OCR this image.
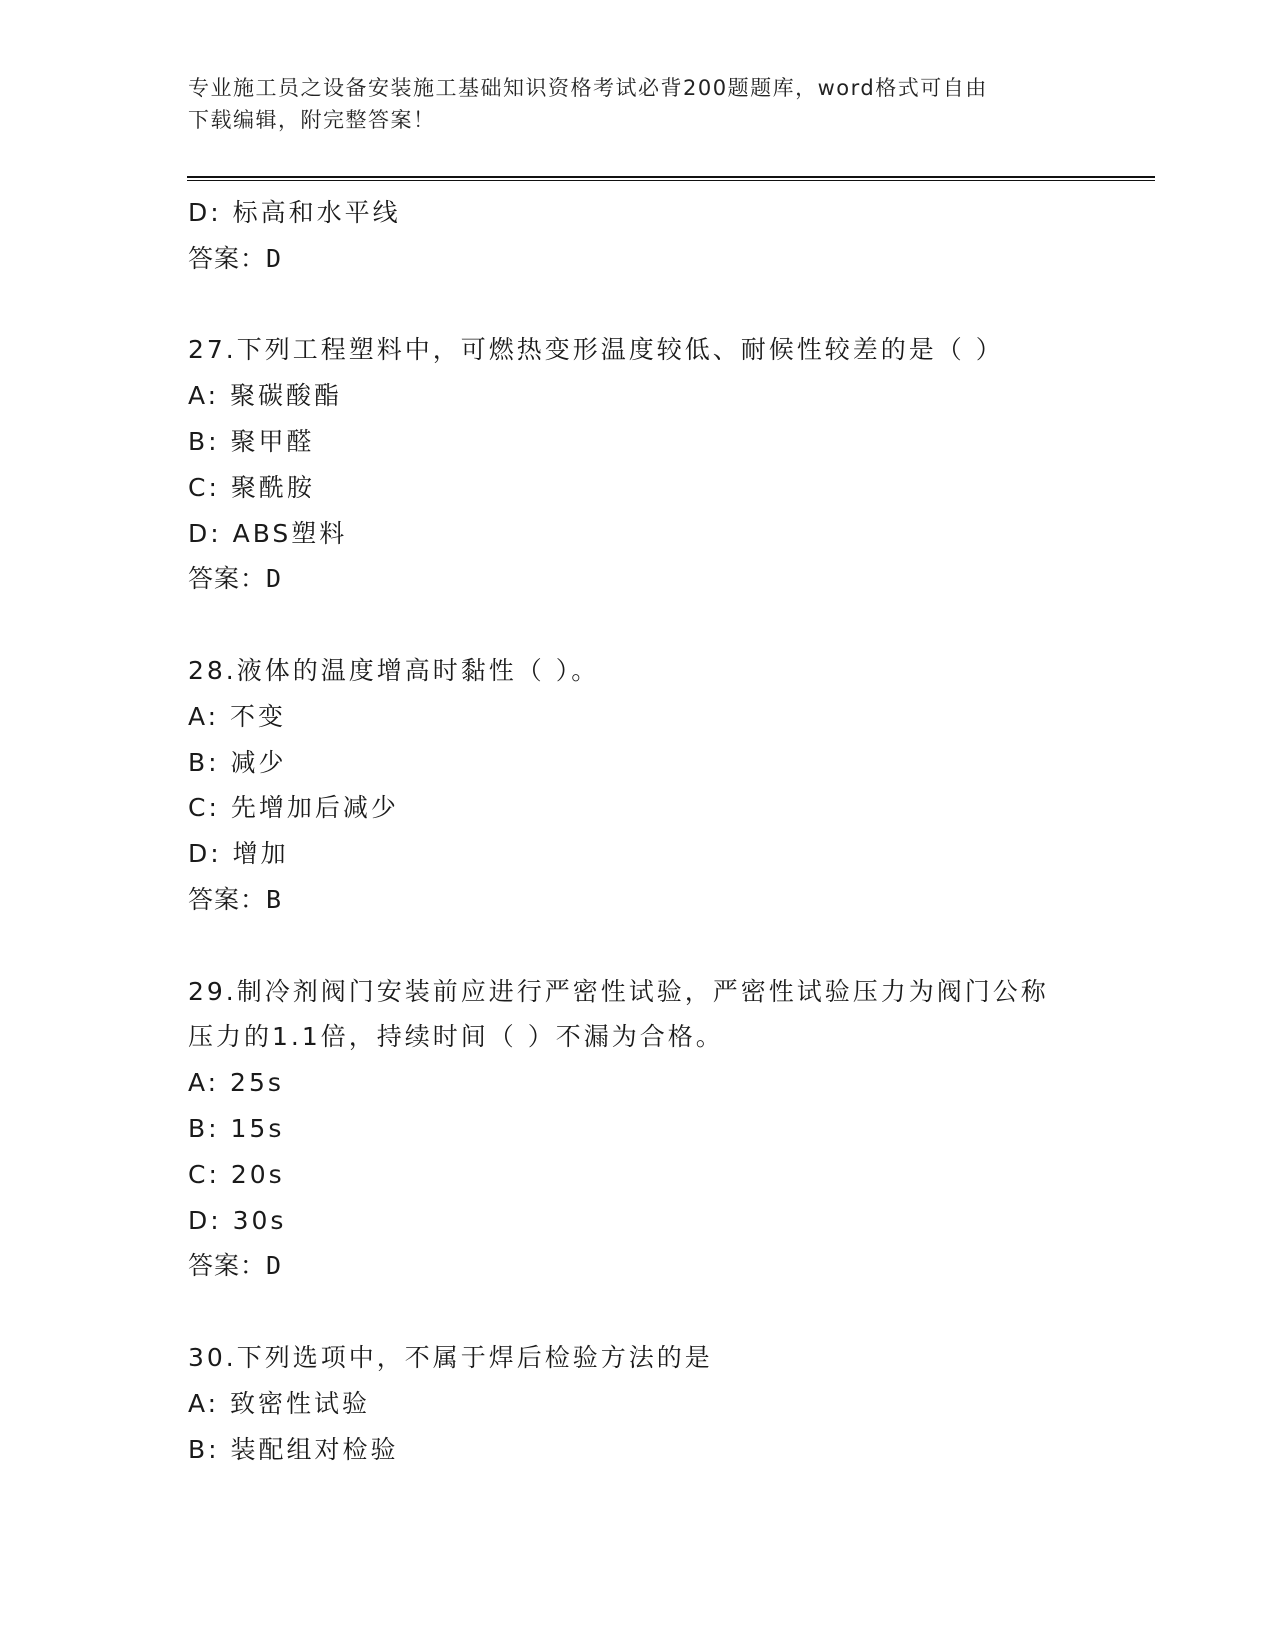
专业施工员之设备安装施工基础知识资格考试必背200题题库，word格式可自由
下载编辑，附完整答案！
D: 标高和水平线
答案：D
27.下列工程塑料中，可燃热变形温度较低、耐候性较差的是（ ）
A: 聚碳酸酯
B: 聚甲醛
C: 聚酰胺
D: ABS塑料
答案：D
28.液体的温度增高时黏性（ ）。
A: 不变
B: 减少
C: 先增加后减少
D: 增加
答案：B
29.制冷剂阀门安装前应进行严密性试验，严密性试验压力为阀门公称
压力的1.1倍，持续时间（ ）不漏为合格。
A: 25s
B: 15s
C: 20s
D: 30s
答案：D
30.下列选项中，不属于焊后检验方法的是
A: 致密性试验
B: 装配组对检验
